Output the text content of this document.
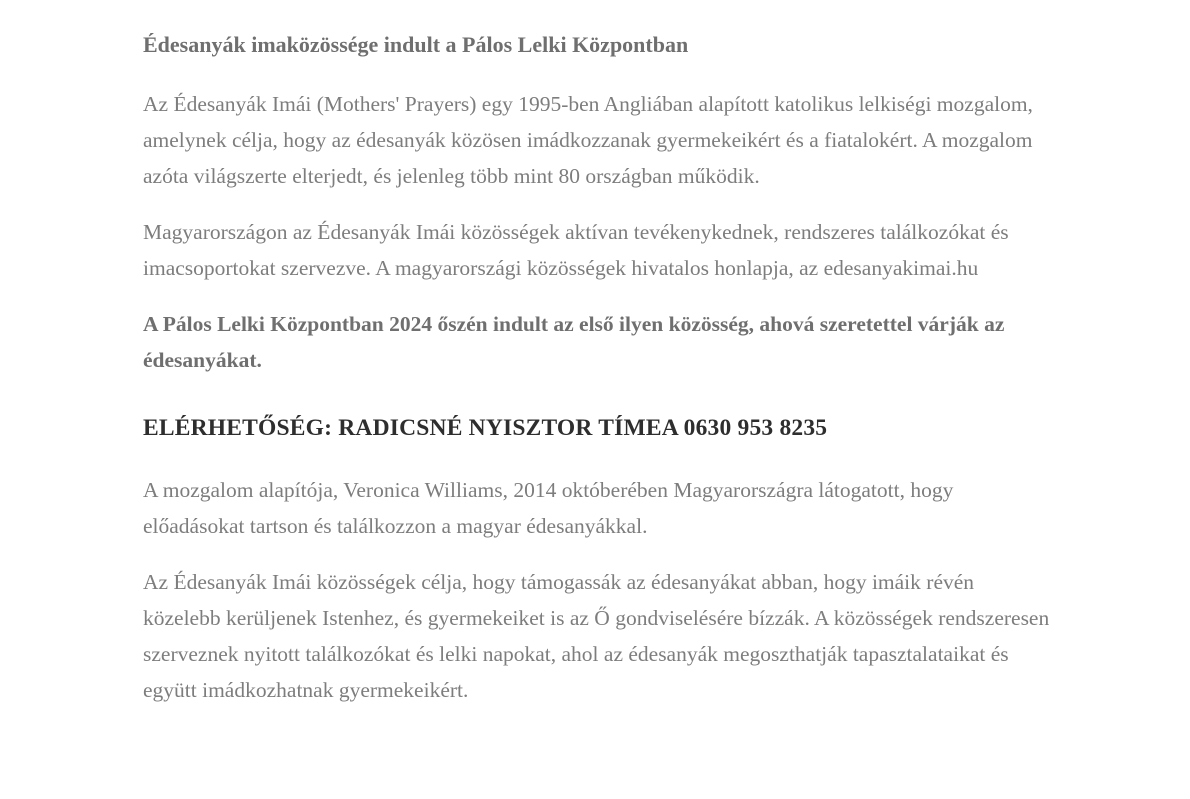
Édesanyák imaközössége indult a Pálos Lelki Központban

Az Édesanyák Imái (Mothers' Prayers) egy 1995-ben Angliában alapított katolikus lelkiségi mozgalom, amelynek célja, hogy az édesanyák közösen imádkozzanak gyermekeikért és a fiatalokért. A mozgalom azóta világszerte elterjedt, és jelenleg több mint 80 országban működik.

Magyarországon az Édesanyák Imái közösségek aktívan tevékenykednek, rendszeres találkozókat és imacsoportokat szervezve. A magyarországi közösségek hivatalos honlapja, az edesanyakimai.hu

A Pálos Lelki Központban 2024 őszén indult az első ilyen közösség, ahová szeretettel várják az édesanyákat.

ELÉRHETŐSÉG: RADICSNÉ NYISZTOR TÍMEA 0630 953 8235

A mozgalom alapítója, Veronica Williams, 2014 októberében Magyarországra látogatott, hogy előadásokat tartson és találkozzon a magyar édesanyákkal.

Az Édesanyák Imái közösségek célja, hogy támogassák az édesanyákat abban, hogy imáik révén közelebb kerüljenek Istenhez, és gyermekeiket is az Ő gondviselésére bízzák. A közösségek rendszeresen szerveznek nyitott találkozókat és lelki napokat, ahol az édesanyák megoszthatják tapasztalataikat és együtt imádkozhatnak gyermekeikért.
